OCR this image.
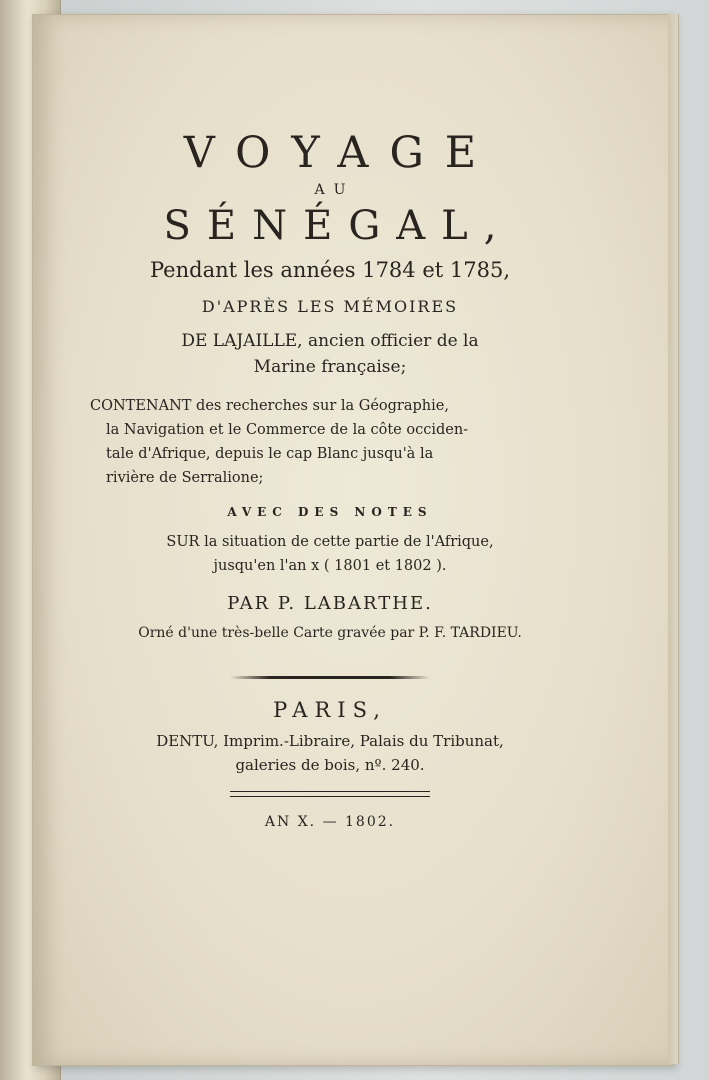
VOYAGE
AU
SÉNÉGAL,
Pendant les années 1784 et 1785,
D'APRÈS LES MÉMOIRES
DE LAJAILLE, ancien officier de la
Marine française;
CONTENANT des recherches sur la Géographie,
la Navigation et le Commerce de la côte occiden-
tale d'Afrique, depuis le cap Blanc jusqu'à la
rivière de Serralione;
AVEC DES NOTES
SUR la situation de cette partie de l'Afrique,
jusqu'en l'an x ( 1801 et 1802 ).
PAR P. LABARTHE.
Orné d'une très-belle Carte gravée par P. F. TARDIEU.
PARIS,
DENTU, Imprim.-Libraire, Palais du Tribunat,
galeries de bois, nº. 240.
AN X. — 1802.
